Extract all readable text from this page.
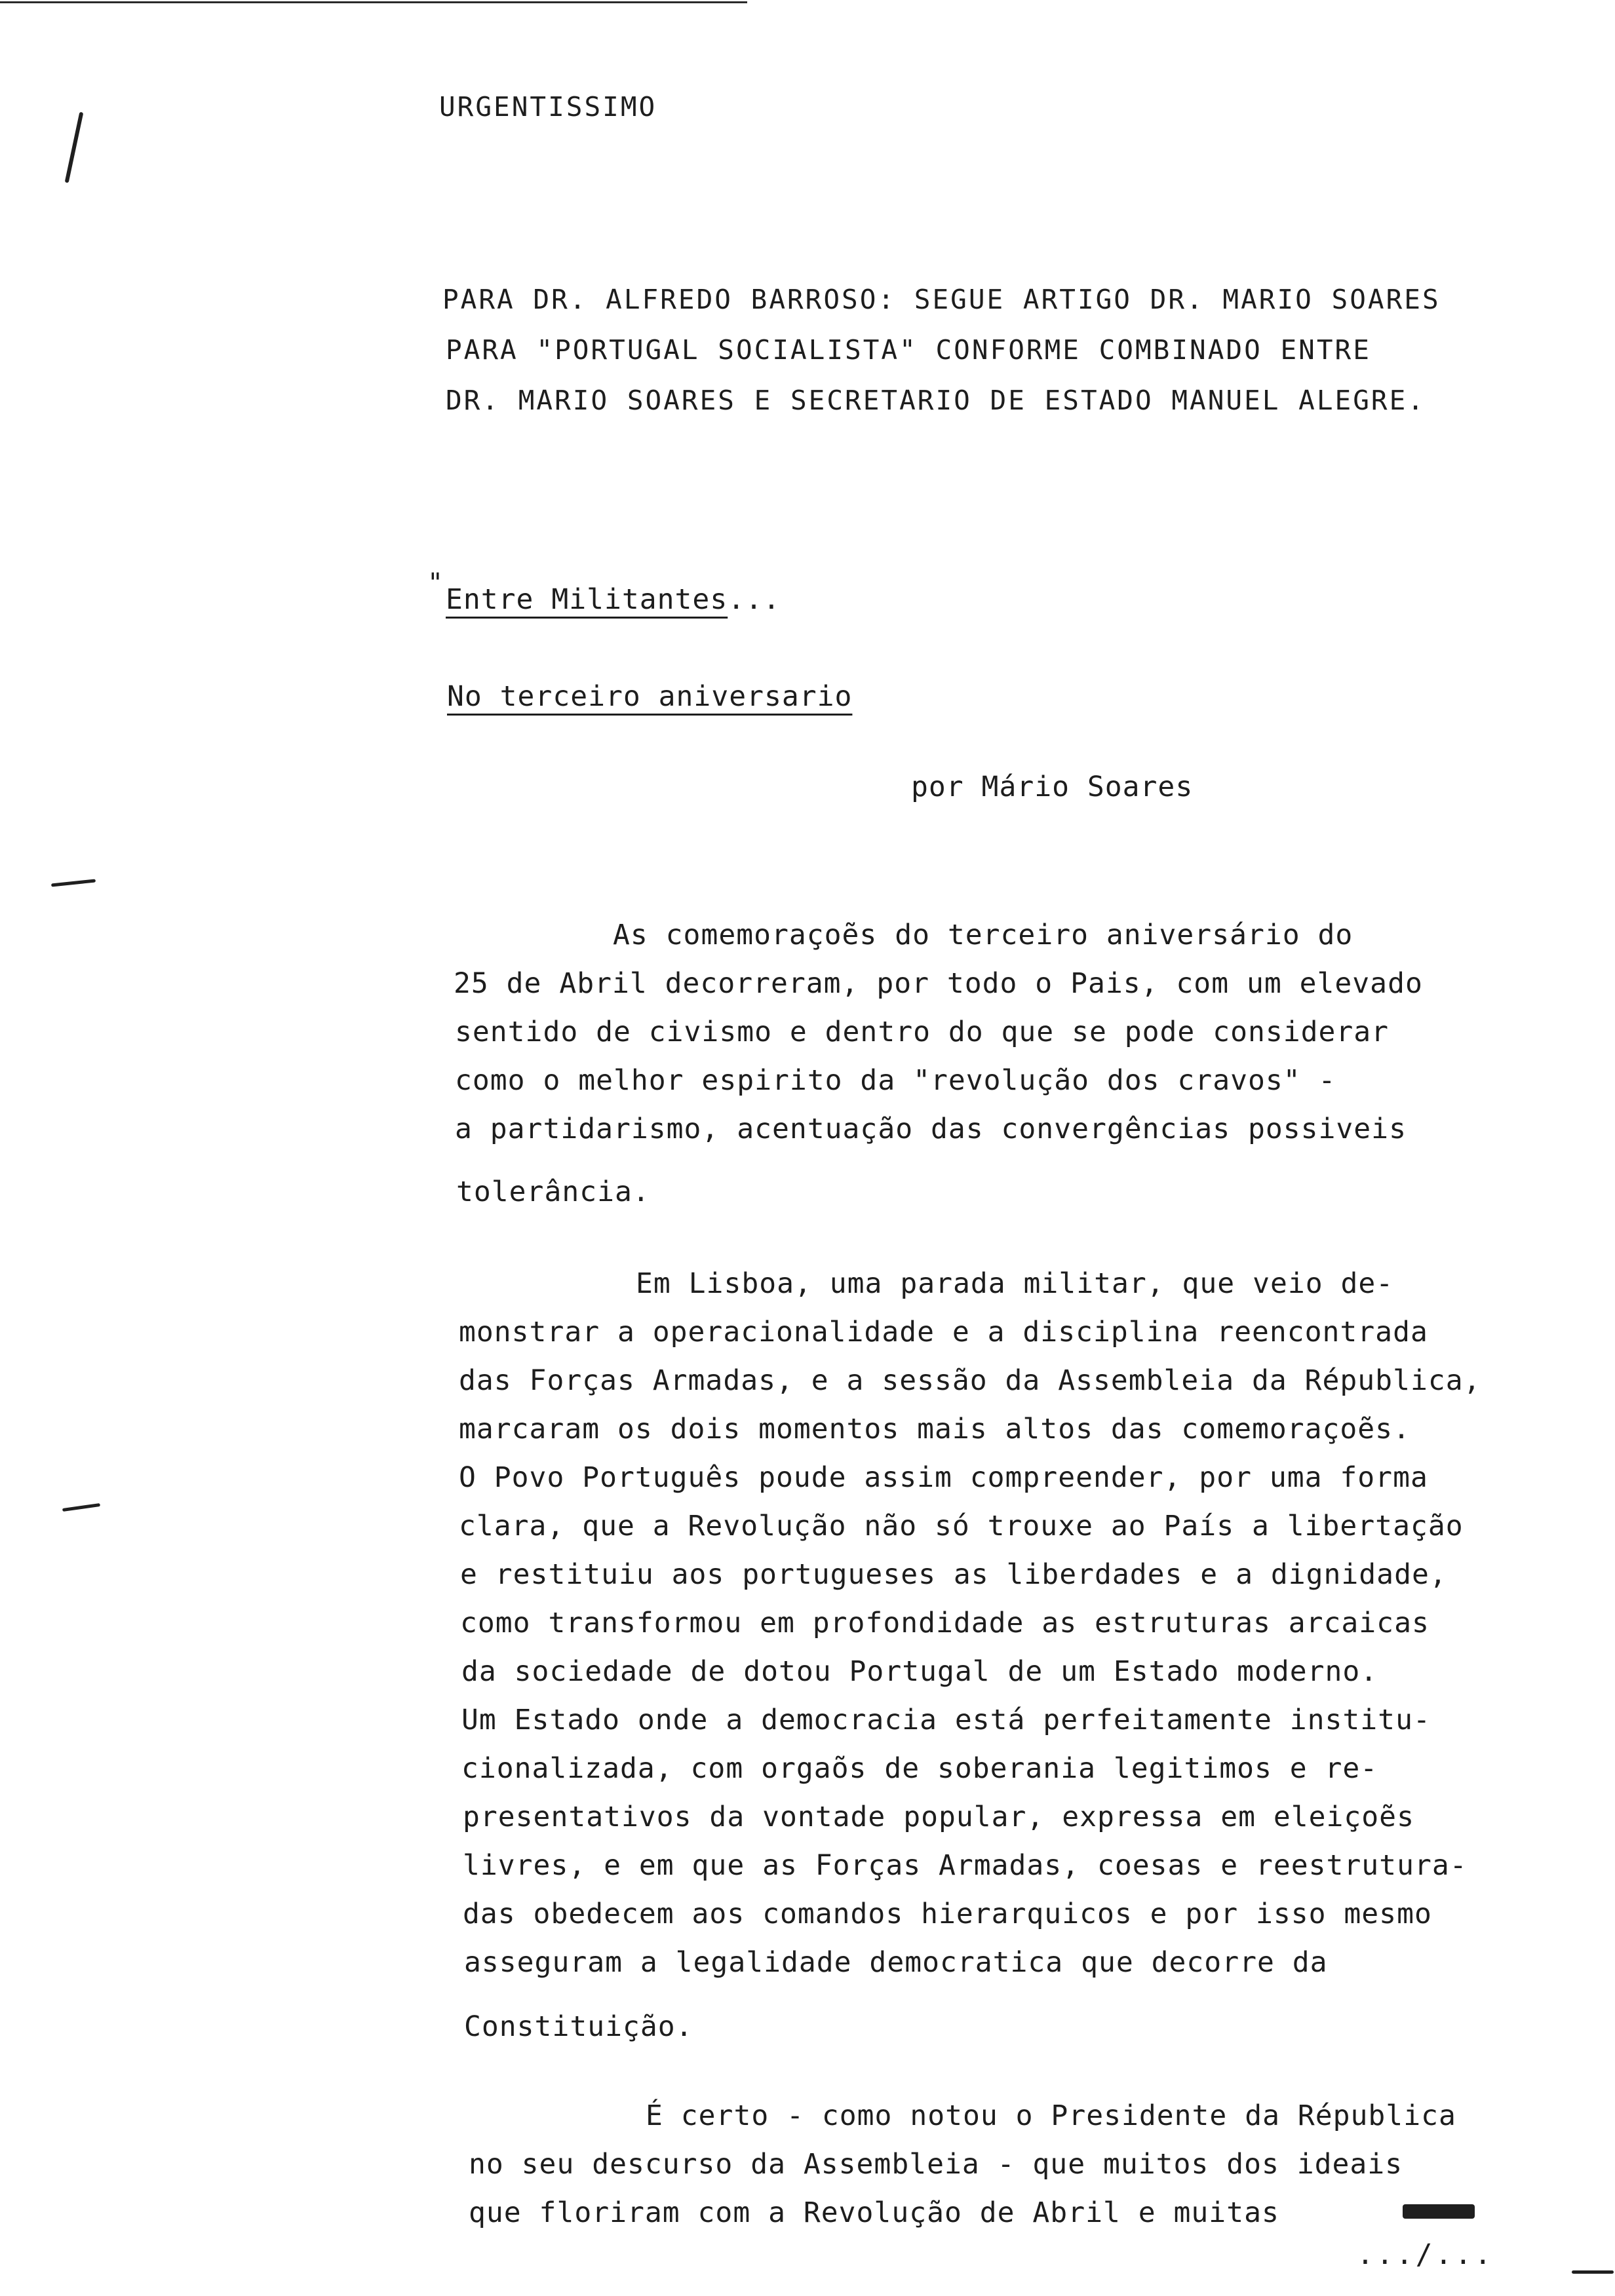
URGENTISSIMO
PARA DR. ALFREDO BARROSO: SEGUE ARTIGO DR. MARIO SOARES
PARA "PORTUGAL SOCIALISTA" CONFORME COMBINADO ENTRE
DR. MARIO SOARES E SECRETARIO DE ESTADO MANUEL ALEGRE.
" Entre Militantes...
No terceiro aniversario
por Mário Soares
As comemoraçoẽs do terceiro aniversário do
25 de Abril decorreram, por todo o Pais, com um elevado
sentido de civismo e dentro do que se pode considerar
como o melhor espirito da "revolução dos cravos" -
a partidarismo, acentuação das convergências possiveis
tolerância.
Em Lisboa, uma parada militar, que veio de-
monstrar a operacionalidade e a disciplina reencontrada
das Forças Armadas, e a sessão da Assembleia da Républica,
marcaram os dois momentos mais altos das comemoraçoẽs.
O Povo Português poude assim compreender, por uma forma
clara, que a Revolução não só trouxe ao País a libertação
e restituiu aos portugueses as liberdades e a dignidade,
como transformou em profondidade as estruturas arcaicas
da sociedade de dotou Portugal de um Estado moderno.
Um Estado onde a democracia está perfeitamente institu-
cionalizada, com orgaõs de soberania legitimos e re-
presentativos da vontade popular, expressa em eleiçoẽs
livres, e em que as Forças Armadas, coesas e reestrutura-
das obedecem aos comandos hierarquicos e por isso mesmo
asseguram a legalidade democratica que decorre da
Constituição.
É certo - como notou o Presidente da Républica
no seu descurso da Assembleia - que muitos dos ideais
que floriram com a Revolução de Abril e muitas
.../...
